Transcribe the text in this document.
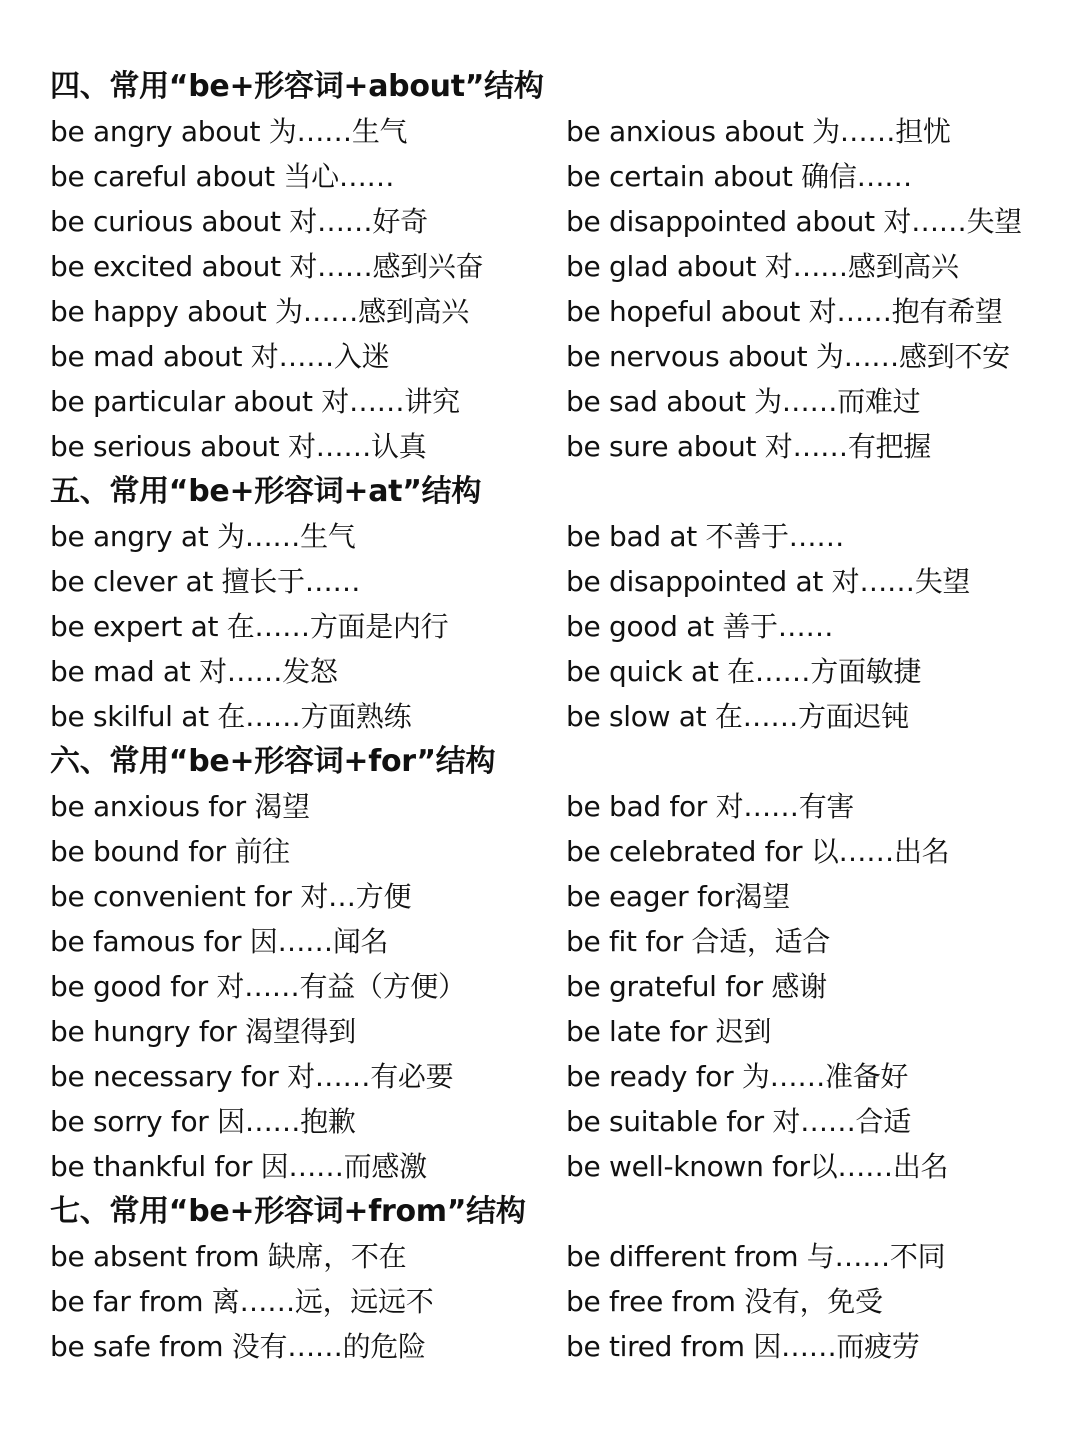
四、常用“be+形容词+about”结构
be angry about 为……生气	be anxious about 为……担忧
be careful about 当心……	be certain about 确信……
be curious about 对……好奇	be disappointed about 对……失望
be excited about 对……感到兴奋	be glad about 对……感到高兴
be happy about 为……感到高兴	be hopeful about 对……抱有希望
be mad about 对……入迷	be nervous about 为……感到不安
be particular about 对……讲究	be sad about 为……而难过
be serious about 对……认真	be sure about 对……有把握
五、常用“be+形容词+at”结构
be angry at 为……生气	be bad at 不善于……
be clever at 擅长于……	be disappointed at 对……失望
be expert at 在……方面是内行	be good at 善于……
be mad at 对……发怒	be quick at 在……方面敏捷
be skilful at 在……方面熟练	be slow at 在……方面迟钝
六、常用“be+形容词+for”结构
be anxious for 渴望	be bad for 对……有害
be bound for 前往	be celebrated for 以……出名
be convenient for 对…方便	be eager for渴望
be famous for 因……闻名	be fit for 合适，适合
be good for 对……有益（方便）	be grateful for 感谢
be hungry for 渴望得到	be late for 迟到
be necessary for 对……有必要	be ready for 为……准备好
be sorry for 因……抱歉	be suitable for 对……合适
be thankful for 因……而感激	be well-known for以……出名
七、常用“be+形容词+from”结构
be absent from 缺席，不在	be different from 与……不同
be far from 离……远，远远不	be free from 没有，免受
be safe from 没有……的危险	be tired from 因……而疲劳
